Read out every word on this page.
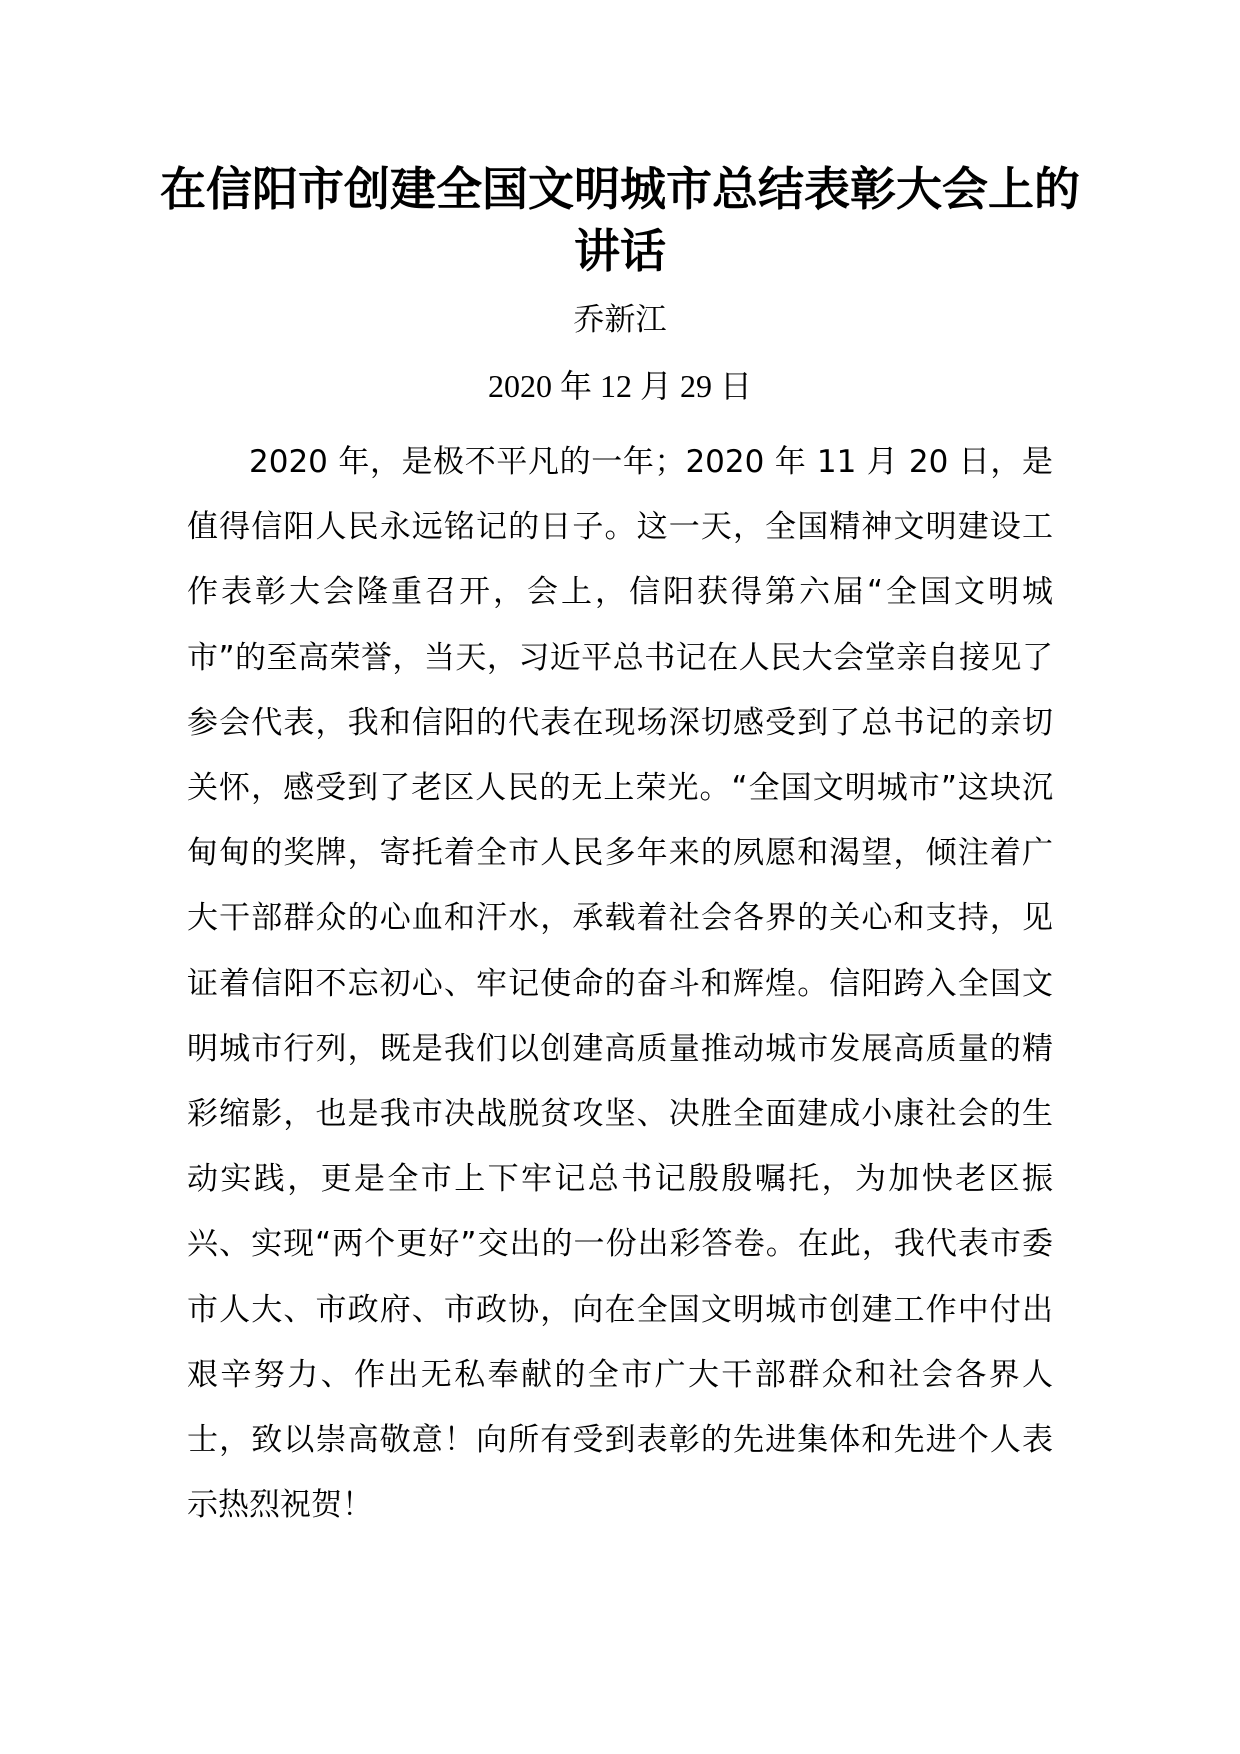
在信阳市创建全国文明城市总结表彰大会上的讲话
乔新江
2020 年 12 月 29 日

2020 年，是极不平凡的一年；2020 年 11 月 20 日，是值得信阳人民永远铭记的日子。这一天，全国精神文明建设工作表彰大会隆重召开，会上，信阳获得第六届“全国文明城市”的至高荣誉，当天，习近平总书记在人民大会堂亲自接见了参会代表，我和信阳的代表在现场深切感受到了总书记的亲切关怀，感受到了老区人民的无上荣光。“全国文明城市”这块沉甸甸的奖牌，寄托着全市人民多年来的夙愿和渴望，倾注着广大干部群众的心血和汗水，承载着社会各界的关心和支持，见证着信阳不忘初心、牢记使命的奋斗和辉煌。信阳跨入全国文明城市行列，既是我们以创建高质量推动城市发展高质量的精彩缩影，也是我市决战脱贫攻坚、决胜全面建成小康社会的生动实践，更是全市上下牢记总书记殷殷嘱托，为加快老区振兴、实现“两个更好”交出的一份出彩答卷。在此，我代表市委市人大、市政府、市政协，向在全国文明城市创建工作中付出艰辛努力、作出无私奉献的全市广大干部群众和社会各界人士，致以崇高敬意！向所有受到表彰的先进集体和先进个人表示热烈祝贺！
